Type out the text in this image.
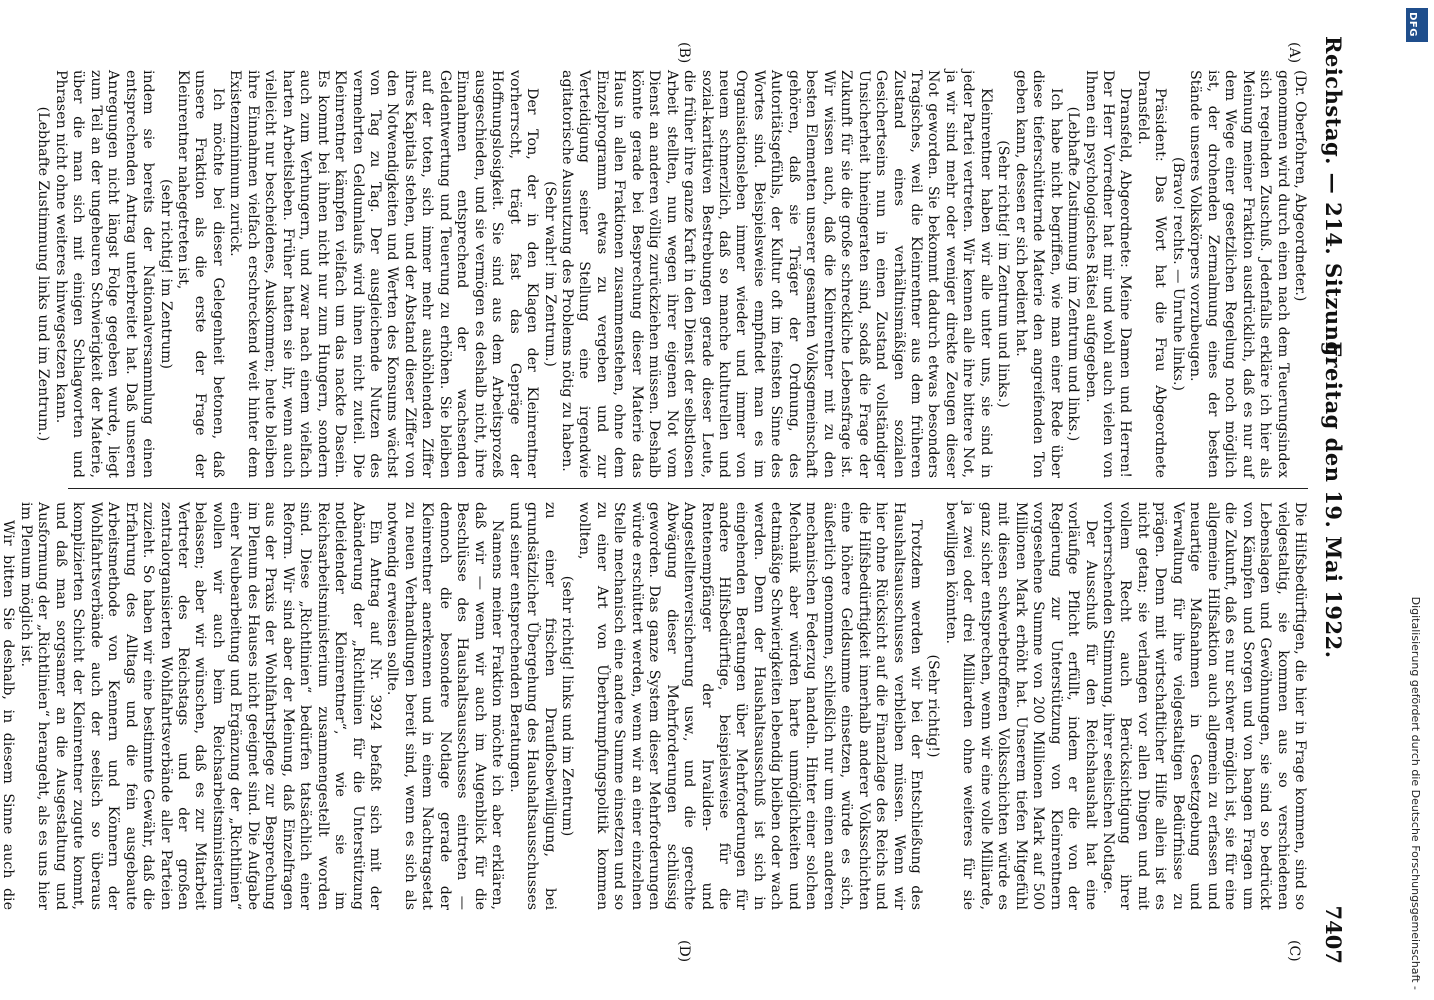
Reichstag. — 214. Sitzung.
Freitag den 19. Mai 1922.
7407
(A)
(B)
(C)
(D)

(Dr. Oberfohren, Abgeordneter.)

genommen wird durch einen nach dem Teuerungsindex sich regelnden Zuschuß. Jedenfalls erkläre ich hier als Meinung meiner Fraktion ausdrücklich, daß es nur auf dem Wege einer gesetzlichen Regelung noch möglich ist, der drohenden Zermalmung eines der besten Stände unseres Volkskörpers vorzubeugen.

(Bravo! rechts. — Unruhe links.)

Präsident: Das Wort hat die Frau Abgeordnete Dransfeld.

Dransfeld, Abgeordnete: Meine Damen und Herren! Der Herr Vorredner hat mir und wohl auch vielen von Ihnen ein psychologisches Rätsel aufgegeben.

(Lebhafte Zustimmung im Zentrum und links.)

Ich habe nicht begriffen, wie man einer Rede über diese tieferschütternde Materie den angreifenden Ton geben kann, dessen er sich bedient hat.

(Sehr richtig! im Zentrum und links.)

Kleinrentner haben wir alle unter uns, sie sind in jeder Partei vertreten. Wir kennen alle ihre bittere Not, ja wir sind mehr oder weniger direkte Zeugen dieser Not geworden. Sie bekommt dadurch etwas besonders Tragisches, weil die Kleinrentner aus dem früheren Zustand eines verhältnismäßigen sozialen Gesichertseins nun in einen Zustand vollständiger Unsicherheit hineingeraten sind, sodaß die Frage der Zukunft für sie die große schreckliche Lebensfrage ist. Wir wissen auch, daß die Kleinrentner mit zu den besten Elementen unserer gesamten Volksgemeinschaft gehören, daß sie Träger der Ordnung, des Autoritätsgefühls, der Kultur oft im feinsten Sinne des Wortes sind. Beispielsweise empfindet man es im Organisationsleben immer wieder und immer von neuem schmerzlich, daß so manche kulturellen und sozial-karitativen Bestrebungen gerade dieser Leute, die früher ihre ganze Kraft in den Dienst der selbstlosen Arbeit stellten, nun wegen ihrer eigenen Not vom Dienst an anderen völlig zurückziehen müssen. Deshalb könnte gerade bei Besprechung dieser Materie das Haus in allen Fraktionen zusammenstehen, ohne dem Einzelprogramm etwas zu vergeben und zur Verteidigung seiner Stellung eine irgendwie agitatorische Ausnutzung des Problems nötig zu haben.

(Sehr wahr! im Zentrum.)

Der Ton, der in den Klagen der Kleinrentner vorherrscht, trägt fast das Gepräge der Hoffnungslosigkeit. Sie sind aus dem Arbeitsprozeß ausgeschieden, und sie vermögen es deshalb nicht, ihre Einnahmen entsprechend der wachsenden Geldentwertung und Teuerung zu erhöhen. Sie bleiben auf der toten, sich immer mehr aushöhlenden Ziffer ihres Kapitals stehen, und der Abstand dieser Ziffer von den Notwendigkeiten und Werten des Konsums wächst von Tag zu Tag. Der ausgleichende Nutzen des vermehrten Geldumlaufs wird ihnen nicht zuteil. Die Kleinrentner kämpfen vielfach um das nackte Dasein. Es kommt bei ihnen nicht nur zum Hungern, sondern auch zum Verhungern, und zwar nach einem vielfach harten Arbeitsleben. Früher hatten sie ihr, wenn auch vielleicht nur bescheidenes, Auskommen; heute bleiben ihre Einnahmen vielfach erschreckend weit hinter dem Existenzminimum zurück.

Ich möchte bei dieser Gelegenheit betonen, daß unsere Fraktion als die erste der Frage der Kleinrentner nahegetreten ist,

(sehr richtig! im Zentrum)

indem sie bereits der Nationalversammlung einen entsprechenden Antrag unterbreitet hat. Daß unseren Anregungen nicht längst Folge gegeben wurde, liegt zum Teil an der ungeheuren Schwierigkeit der Materie, über die man sich mit einigen Schlagworten und Phrasen nicht ohne weiteres hinwegsetzen kann.

(Lebhafte Zustimmung links und im Zentrum.)

Die Hilfsbedürftigen, die hier in Frage kommen, sind so vielgestaltig, sie kommen aus so verschiedenen Lebenslagen und Gewöhnungen, sie sind so bedrückt von Kämpfen und Sorgen und von bangen Fragen um die Zukunft, daß es nur schwer möglich ist, sie für eine allgemeine Hilfsaktion auch allgemein zu erfassen und neuartige Maßnahmen in Gesetzgebung und Verwaltung für ihre vielgestaltigen Bedürfnisse zu prägen. Denn mit wirtschaftlicher Hilfe allein ist es nicht getan; sie verlangen vor allen Dingen und mit vollem Recht auch Berücksichtigung ihrer vorherrschenden Stimmung, ihrer seelischen Notlage.

Der Ausschuß für den Reichshaushalt hat eine vorläufige Pflicht erfüllt, indem er die von der Regierung zur Unterstützung von Kleinrentnern vorgesehene Summe von 200 Millionen Mark auf 500 Millionen Mark erhöht hat. Unserem tiefen Mitgefühl mit diesen schwerbetroffenen Volksschichten würde es ganz sicher entsprechen, wenn wir eine volle Milliarde, ja zwei oder drei Milliarden ohne weiteres für sie bewilligen könnten.

(Sehr richtig!)

Trotzdem werden wir bei der Entschließung des Haushaltsausschusses verbleiben müssen. Wenn wir hier ohne Rücksicht auf die Finanzlage des Reichs und die Hilfsbedürftigkeit innerhalb anderer Volksschichten eine höhere Geldsumme einsetzen, würde es sich, äußerlich genommen, schließlich nur um einen anderen mechanischen Federzug handeln. Hinter einer solchen Mechanik aber würden harte unmöglichkeiten und etatmäßige Schwierigkeiten lebendig bleiben oder wach werden. Denn der Haushaltsausschuß ist sich in eingehenden Beratungen über Mehrforderungen für andere Hilfsbedürftige, beispielsweise für die Rentenempfänger der Invaliden- und Angestelltenversicherung usw., und die gerechte Abwägung dieser Mehrforderungen schlüssig geworden. Das ganze System dieser Mehrforderungen würde erschüttert werden, wenn wir an einer einzelnen Stelle mechanisch eine andere Summe einsetzen und so zu einer Art von Überbrumpfungspolitik kommen wollten,

(sehr richtig! links und im Zentrum)

zu einer frischen Drauflosbewilligung, bei grundsätzlicher Übergehung des Haushaltsausschusses und seiner entsprechenden Beratungen.

Namens meiner Fraktion möchte ich aber erklären, daß wir — wenn wir auch im Augenblick für die Beschlüsse des Haushaltsausschusses eintreten — dennoch die besondere Notlage gerade der Kleinrentner anerkennen und in einem Nachtragsetat zu neuen Verhandlungen bereit sind, wenn es sich als notwendig erweisen sollte.

Ein Antrag auf Nr. 3924 befaßt sich mit der Abänderung der „Richtlinien für die Unterstützung notleidender Kleinrentner“, wie sie im Reichsarbeitsministerium zusammengestellt worden sind. Diese „Richtlinien“ bedürfen tatsächlich einer Reform. Wir sind aber der Meinung, daß Einzelfragen aus der Praxis der Wohlfahrtspflege zur Besprechung im Plenum des Hauses nicht geeignet sind. Die Aufgabe einer Neubearbeitung und Ergänzung der „Richtlinien“ wollen wir auch beim Reichsarbeitsministerium belassen; aber wir wünschen, daß es zur Mitarbeit Vertreter des Reichstags und der großen zentralorganisierten Wohlfahrtsverbände aller Parteien zuzieht. So haben wir eine bestimmte Gewähr, daß die Erfahrung des Alltags und die fein ausgebaute Arbeitsmethode von Kennern und Könnern der Wohlfahrtsverbände auch der seelisch so überaus komplizierten Schicht der Kleinrentner zugute kommt, und daß man sorgsamer an die Ausgestaltung und Ausformung der „Richtlinien“ herangeht, als es uns hier im Plenum möglich ist.

Wir bitten Sie deshalb, in diesem Sinne auch die	Digitalisierung gefördert durch die Deutsche Forschungsgemeinschaft -
DFG
